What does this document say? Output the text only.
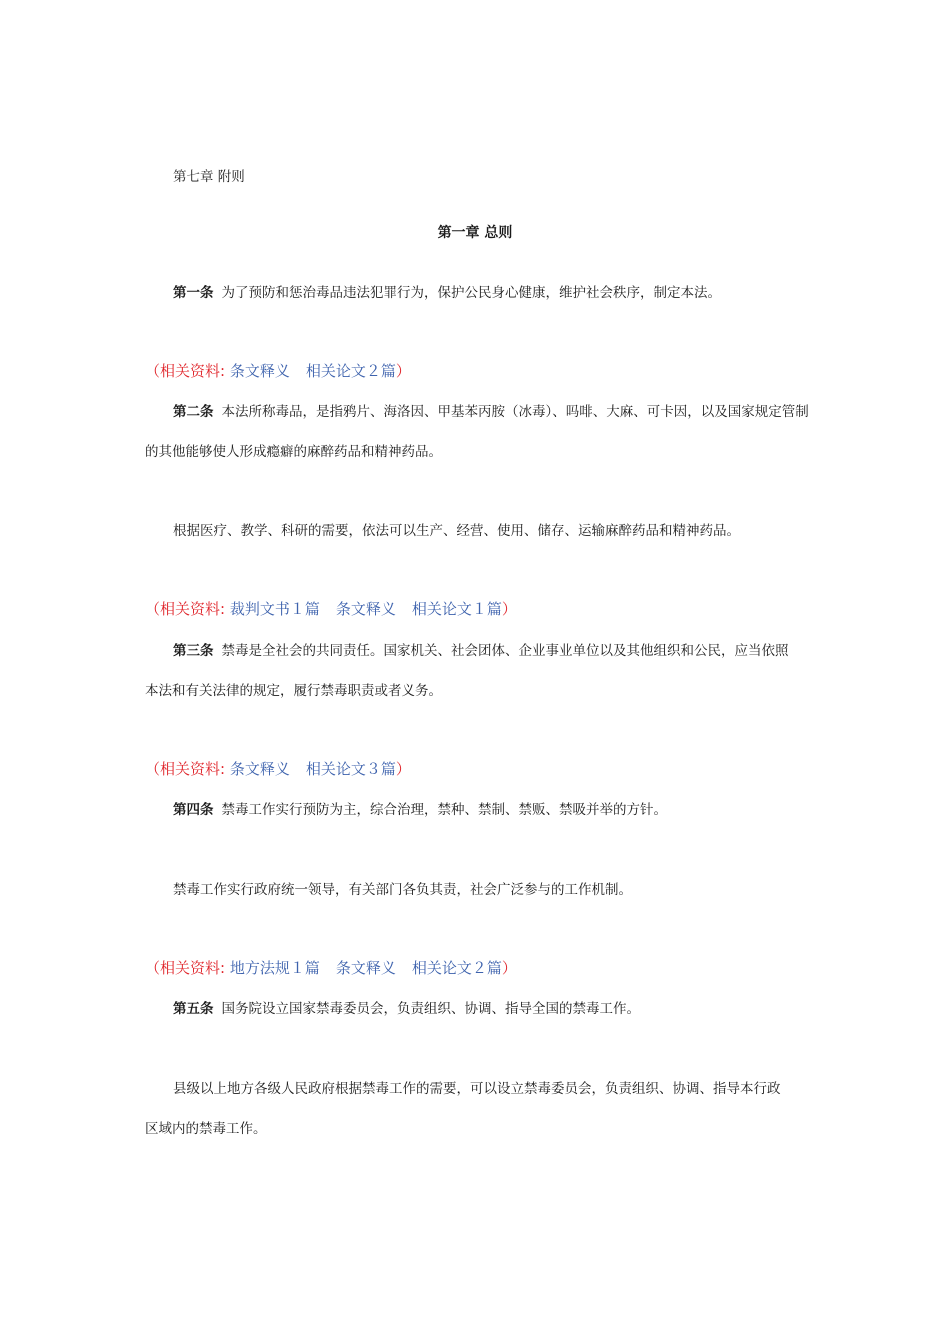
第七章 附则
第一章 总则
第一条 为了预防和惩治毒品违法犯罪行为，保护公民身心健康，维护社会秩序，制定本法。
（相关资料: 条文释义 相关论文２篇）
第二条 本法所称毒品，是指鸦片、海洛因、甲基苯丙胺（冰毒）、吗啡、大麻、可卡因，以及国家规定管制
的其他能够使人形成瘾癖的麻醉药品和精神药品。
根据医疗、教学、科研的需要，依法可以生产、经营、使用、储存、运输麻醉药品和精神药品。
（相关资料: 裁判文书１篇 条文释义 相关论文１篇）
第三条 禁毒是全社会的共同责任。国家机关、社会团体、企业事业单位以及其他组织和公民，应当依照
本法和有关法律的规定，履行禁毒职责或者义务。
（相关资料: 条文释义 相关论文３篇）
第四条 禁毒工作实行预防为主，综合治理，禁种、禁制、禁贩、禁吸并举的方针。
禁毒工作实行政府统一领导，有关部门各负其责，社会广泛参与的工作机制。
（相关资料: 地方法规１篇 条文释义 相关论文２篇）
第五条 国务院设立国家禁毒委员会，负责组织、协调、指导全国的禁毒工作。
县级以上地方各级人民政府根据禁毒工作的需要，可以设立禁毒委员会，负责组织、协调、指导本行政
区域内的禁毒工作。
